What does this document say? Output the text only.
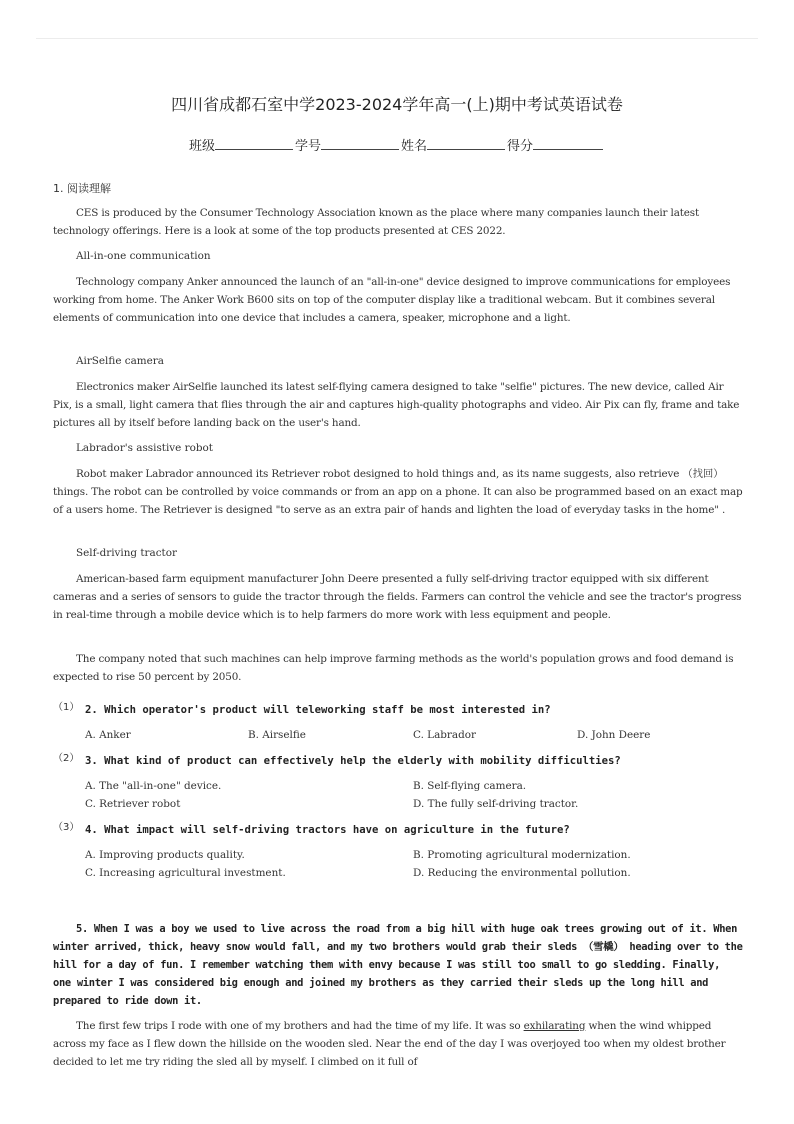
四川省成都石室中学2023-2024学年高一(上)期中考试英语试卷
班级	学号	姓名	得分
1. 阅读理解

CES is produced by the Consumer Technology Association known as the place where many companies launch their latest technology offerings. Here is a look at some of the top products presented at CES 2022.

All-in-one communication

Technology company Anker announced the launch of an "all-in-one" device designed to improve communications for employees working from home. The Anker Work B600 sits on top of the computer display like a traditional webcam. But it combines several elements of communication into one device that includes a camera, speaker, microphone and a light.

AirSelfie camera

Electronics maker AirSelfie launched its latest self-flying camera designed to take "selfie" pictures. The new device, called Air Pix, is a small, light camera that flies through the air and captures high-quality photographs and video. Air Pix can fly, frame and take pictures all by itself before landing back on the user's hand.

Labrador's assistive robot

Robot maker Labrador announced its Retriever robot designed to hold things and, as its name suggests, also retrieve （找回） things. The robot can be controlled by voice commands or from an app on a phone. It can also be programmed based on an exact map of a users home. The Retriever is designed "to serve as an extra pair of hands and lighten the load of everyday tasks in the home" .

Self-driving tractor

American-based farm equipment manufacturer John Deere presented a fully self-driving tractor equipped with six different cameras and a series of sensors to guide the tractor through the fields. Farmers can control the vehicle and see the tractor's progress in real-time through a mobile device which is to help farmers do more work with less equipment and people.

The company noted that such machines can help improve farming methods as the world's population grows and food demand is expected to rise 50 percent by 2050.

（1） 2. Which operator's product will teleworking staff be most interested in?
A. Anker	B. Airselfie	C. Labrador	D. John Deere
（2） 3. What kind of product can effectively help the elderly with mobility difficulties?
A. The "all-in-one" device.	B. Self-flying camera.
C. Retriever robot	D. The fully self-driving tractor.
（3） 4. What impact will self-driving tractors have on agriculture in the future?
A. Improving products quality.	B. Promoting agricultural modernization.
C. Increasing agricultural investment.	D. Reducing the environmental pollution.

5. When I was a boy we used to live across the road from a big hill with huge oak trees growing out of it. When winter arrived, thick, heavy snow would fall, and my two brothers would grab their sleds （雪橇） heading over to the hill for a day of fun. I remember watching them with envy because I was still too small to go sledding. Finally, one winter I was considered big enough and joined my brothers as they carried their sleds up the long hill and prepared to ride down it.

The first few trips I rode with one of my brothers and had the time of my life. It was so exhilarating when the wind whipped across my face as I flew down the hillside on the wooden sled. Near the end of the day I was overjoyed too when my oldest brother decided to let me try riding the sled all by myself. I climbed on it full of
